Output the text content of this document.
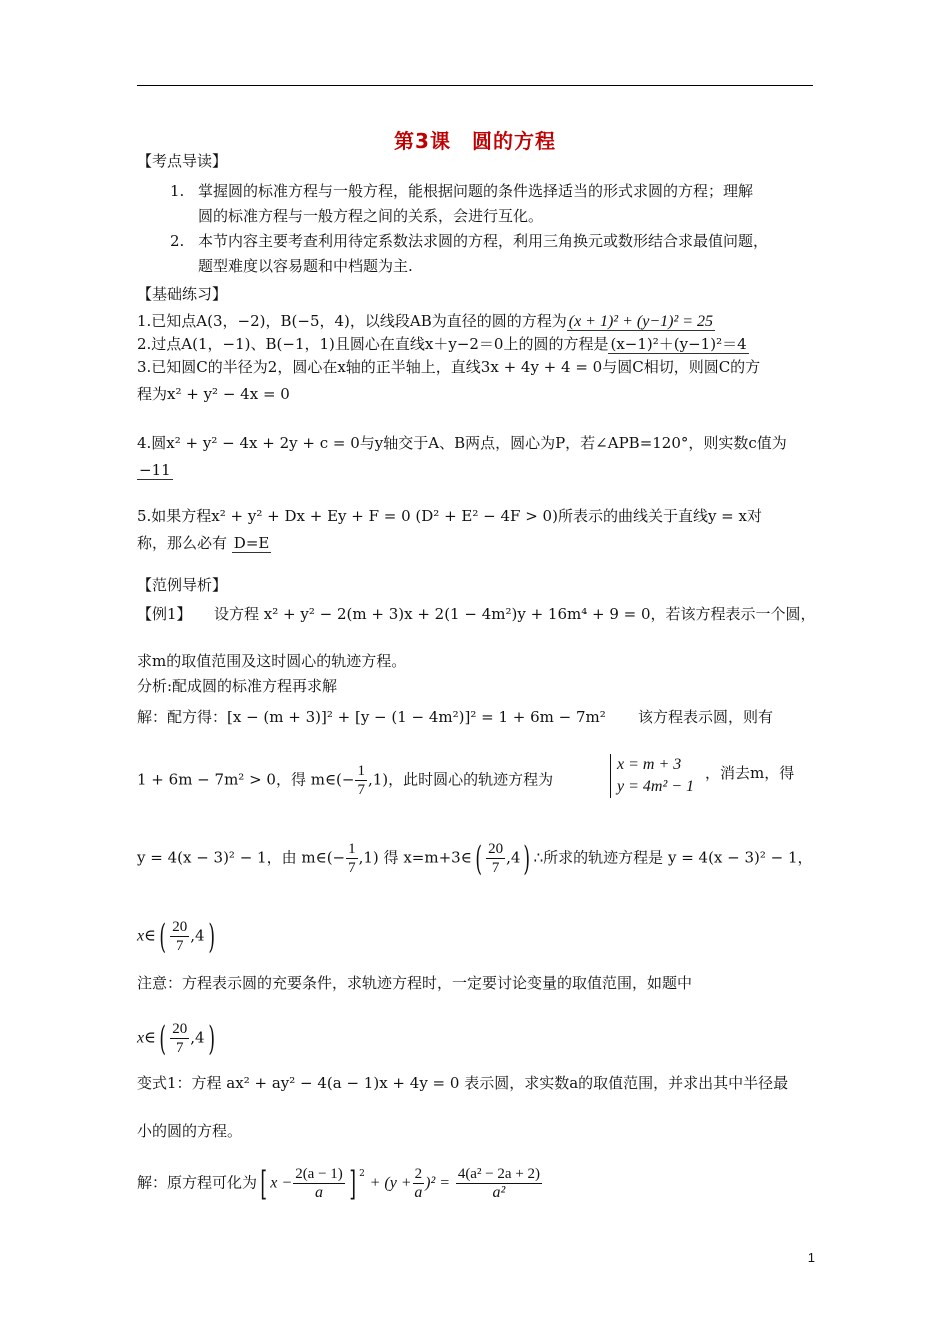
第3课　圆的方程
【考点导读】
1. 掌握圆的标准方程与一般方程，能根据问题的条件选择适当的形式求圆的方程；理解
圆的标准方程与一般方程之间的关系，会进行互化。
2. 本节内容主要考查利用待定系数法求圆的方程，利用三角换元或数形结合求最值问题，
题型难度以容易题和中档题为主.
【基础练习】
1.已知点A(3，−2)，B(−5，4)，以线段AB为直径的圆的方程为 (x + 1)² + (y−1)² = 25
2.过点A(1，−1)、B(−1，1)且圆心在直线x＋y−2＝0上的圆的方程是 (x−1)²＋(y−1)²＝4
3.已知圆C的半径为2，圆心在x轴的正半轴上，直线3x + 4y + 4 = 0与圆C相切，则圆C的方
程为x² + y² − 4x = 0
4.圆x² + y² − 4x + 2y + c = 0与y轴交于A、B两点，圆心为P，若∠APB=120°，则实数c值为
−11
5.如果方程x² + y² + Dx + Ey + F = 0 (D² + E² − 4F > 0)所表示的曲线关于直线y = x对
称，那么必有 D=E
【范例导析】
【例1】　　设方程 x² + y² − 2(m + 3)x + 2(1 − 4m²)y + 16m⁴ + 9 = 0，若该方程表示一个圆，
求m的取值范围及这时圆心的轨迹方程。
分析:配成圆的标准方程再求解
解：配方得：[x − (m + 3)]² + [y − (1 − 4m²)]² = 1 + 6m − 7m² 该方程表示圆，则有
1 + 6m − 7m² > 0，得 m∈(− $\frac{1}{7} ,1$)，此时圆心的轨迹方程为
x = m + 3
y = 4m² − 1
，消去m，得
y = 4(x − 3)² − 1，由 m∈(− $\frac{1}{7} ,1$) 得 x=m+3∈( $\frac{20}{7} ,4$) ∴所求的轨迹方程是 y = 4(x − 3)² − 1，
x∈( $\frac{20}{7} ,4$)
注意：方程表示圆的充要条件，求轨迹方程时，一定要讨论变量的取值范围，如题中
x∈( $\frac{20}{7} ,4$)
变式1：方程 ax² + ay² − 4(a − 1)x + 4y = 0 表示圆，求实数a的取值范围，并求出其中半径最
小的圆的方程。
解：原方程可化为[ $x - \frac{2(a - 1)}{a}$ ] $^2 + (y + \frac{2}{a} )^2 = \frac{\text{4(a² − 2a + 2)}}{\text{a²}}$
1
